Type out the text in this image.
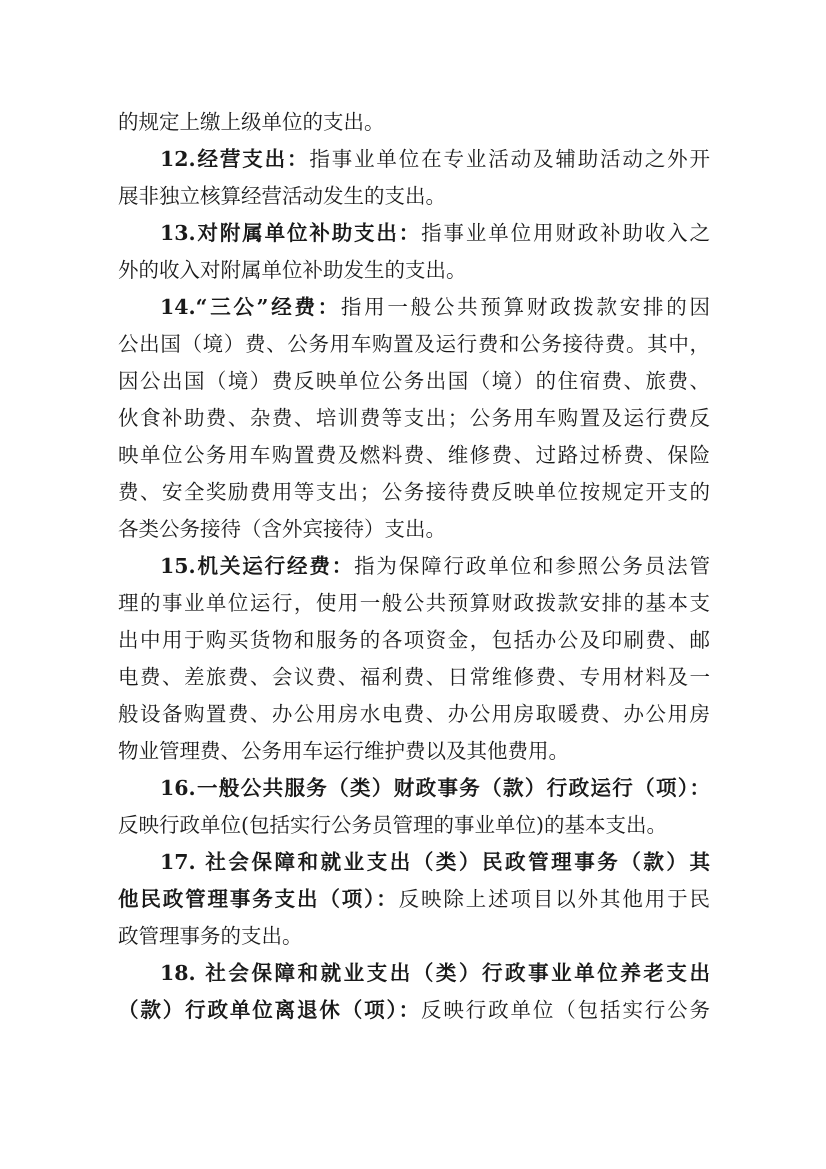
的规定上缴上级单位的支出。
12.经营支出：指事业单位在专业活动及辅助活动之外开
展非独立核算经营活动发生的支出。
13.对附属单位补助支出：指事业单位用财政补助收入之
外的收入对附属单位补助发生的支出。
14.“三公”经费：指用一般公共预算财政拨款安排的因
公出国（境）费、公务用车购置及运行费和公务接待费。其中，
因公出国（境）费反映单位公务出国（境）的住宿费、旅费、
伙食补助费、杂费、培训费等支出；公务用车购置及运行费反
映单位公务用车购置费及燃料费、维修费、过路过桥费、保险
费、安全奖励费用等支出；公务接待费反映单位按规定开支的
各类公务接待（含外宾接待）支出。
15.机关运行经费：指为保障行政单位和参照公务员法管
理的事业单位运行，使用一般公共预算财政拨款安排的基本支
出中用于购买货物和服务的各项资金，包括办公及印刷费、邮
电费、差旅费、会议费、福利费、日常维修费、专用材料及一
般设备购置费、办公用房水电费、办公用房取暖费、办公用房
物业管理费、公务用车运行维护费以及其他费用。
16.一般公共服务（类）财政事务（款）行政运行（项）：
反映行政单位(包括实行公务员管理的事业单位)的基本支出。
17. 社会保障和就业支出（类）民政管理事务（款）其
他民政管理事务支出（项）：反映除上述项目以外其他用于民
政管理事务的支出。
18. 社会保障和就业支出（类）行政事业单位养老支出
（款）行政单位离退休（项）：反映行政单位（包括实行公务
